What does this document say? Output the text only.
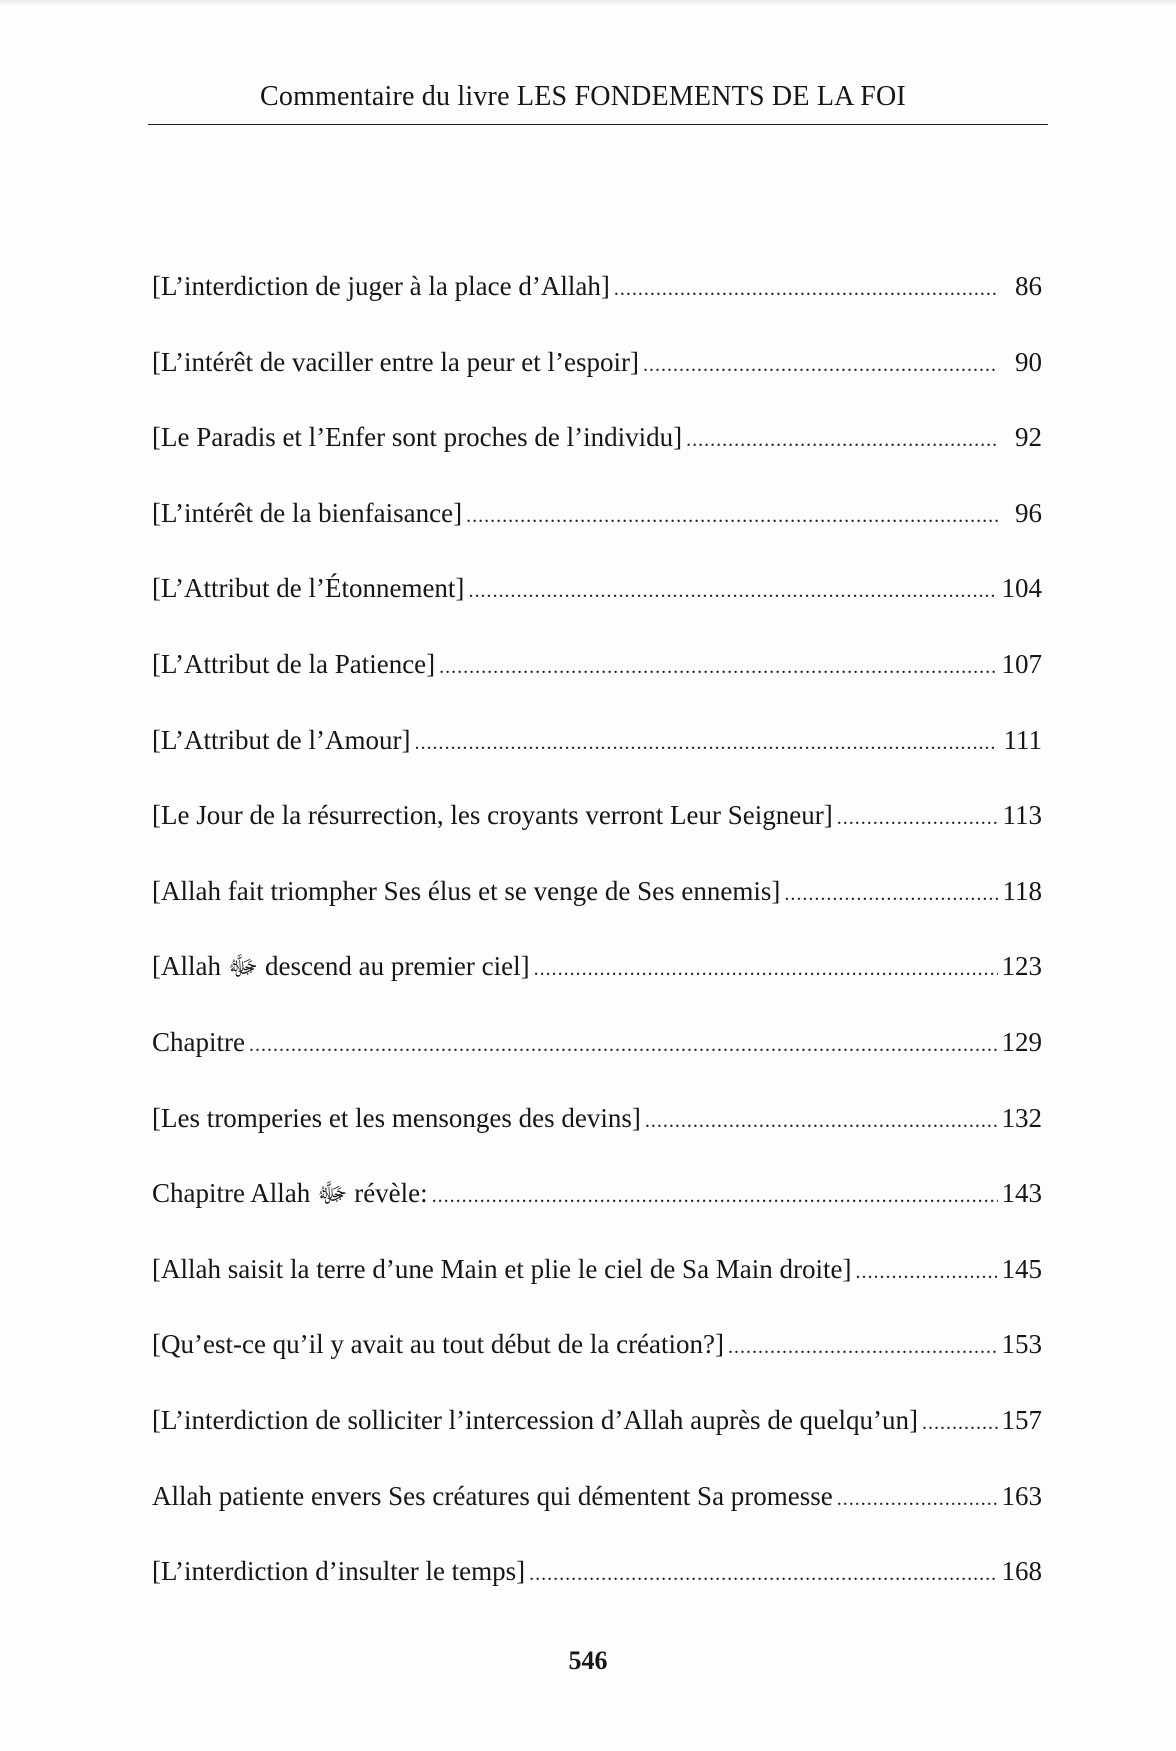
Commentaire du livre LES FONDEMENTS DE LA FOI
[L’interdiction de juger à la place d’Allah] .....	86
[L’intérêt de vaciller entre la peur et l’espoir] .....	90
[Le Paradis et l’Enfer sont proches de l’individu] .....	92
[L’intérêt de la bienfaisance] .....	96
[L’Attribut de l’Étonnement] .....	104
[L’Attribut de la Patience] .....	107
[L’Attribut de l’Amour] .....	111
[Le Jour de la résurrection, les croyants verront Leur Seigneur] .....	113
[Allah fait triompher Ses élus et se venge de Ses ennemis] .....	118
[Allah ﷻ descend au premier ciel] .....	123
Chapitre .....	129
[Les tromperies et les mensonges des devins] .....	132
Chapitre Allah ﷻ révèle: .....	143
[Allah saisit la terre d’une Main et plie le ciel de Sa Main droite] .....	145
[Qu’est-ce qu’il y avait au tout début de la création?] .....	153
[L’interdiction de solliciter l’intercession d’Allah auprès de quelqu’un] .....	157
Allah patiente envers Ses créatures qui démentent Sa promesse .....	163
[L’interdiction d’insulter le temps] .....	168
546
